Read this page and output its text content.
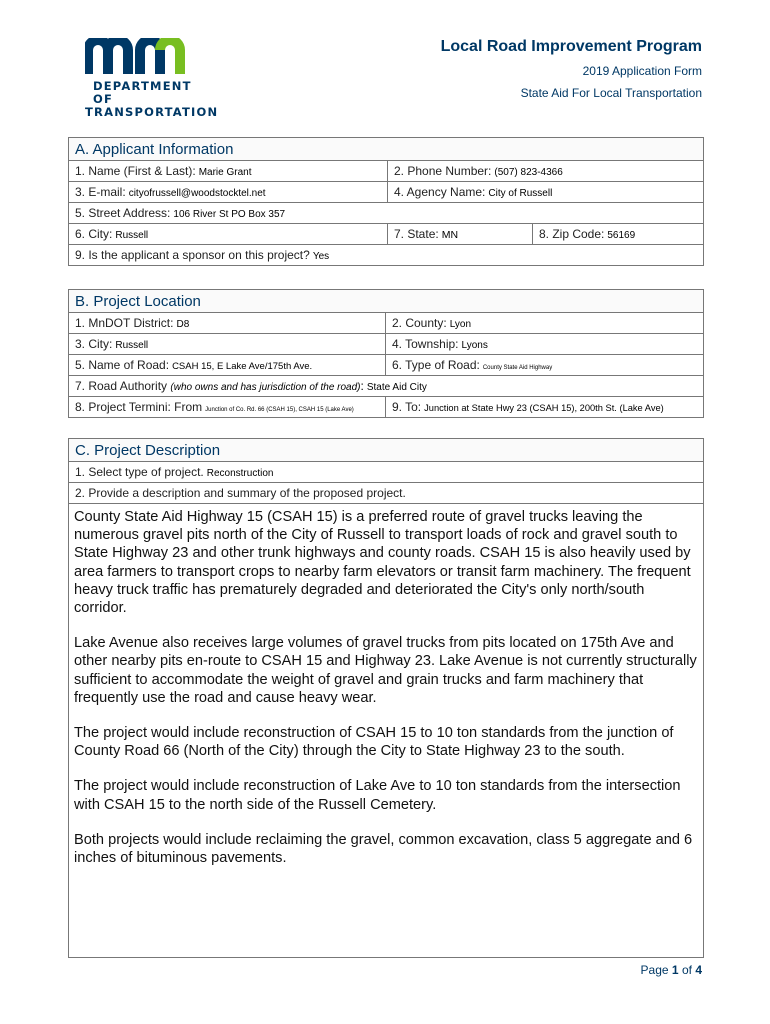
DEPARTMENT OF
TRANSPORTATION
Local Road Improvement Program
2019 Application Form
State Aid For Local Transportation
A. Applicant Information
1. Name (First & Last): Marie Grant	2. Phone Number: (507) 823-4366
3. E-mail: cityofrussell@woodstocktel.net	4. Agency Name: City of Russell
5. Street Address: 106 River St PO Box 357
6. City: Russell	7. State: MN	8. Zip Code: 56169
9. Is the applicant a sponsor on this project? Yes
B. Project Location
1. MnDOT District: D8	2. County: Lyon
3. City: Russell	4. Township: Lyons
5. Name of Road: CSAH 15, E Lake Ave/175th Ave.	6. Type of Road: County State Aid Highway
7. Road Authority (who owns and has jurisdiction of the road): State Aid City
8. Project Termini: From Junction of Co. Rd. 66 (CSAH 15), CSAH 15 (Lake Ave)	9. To: Junction at State Hwy 23 (CSAH 15), 200th St. (Lake Ave)
C. Project Description
1. Select type of project. Reconstruction
2. Provide a description and summary of the proposed project.

County State Aid Highway 15 (CSAH 15) is a preferred route of gravel trucks leaving the numerous gravel pits north of the City of Russell to transport loads of rock and gravel south to State Highway 23 and other trunk highways and county roads. CSAH 15 is also heavily used by area farmers to transport crops to nearby farm elevators or transit farm machinery. The frequent heavy truck traffic has prematurely degraded and deteriorated the City's only north/south corridor.

Lake Avenue also receives large volumes of gravel trucks from pits located on 175th Ave and other nearby pits en-route to CSAH 15 and Highway 23. Lake Avenue is not currently structurally sufficient to accommodate the weight of gravel and grain trucks and farm machinery that frequently use the road and cause heavy wear.

The project would include reconstruction of CSAH 15 to 10 ton standards from the junction of County Road 66 (North of the City) through the City to State Highway 23 to the south.

The project would include reconstruction of Lake Ave to 10 ton standards from the intersection with CSAH 15 to the north side of the Russell Cemetery.

Both projects would include reclaiming the gravel, common excavation, class 5 aggregate and 6 inches of bituminous pavements.

Page 1 of 4
